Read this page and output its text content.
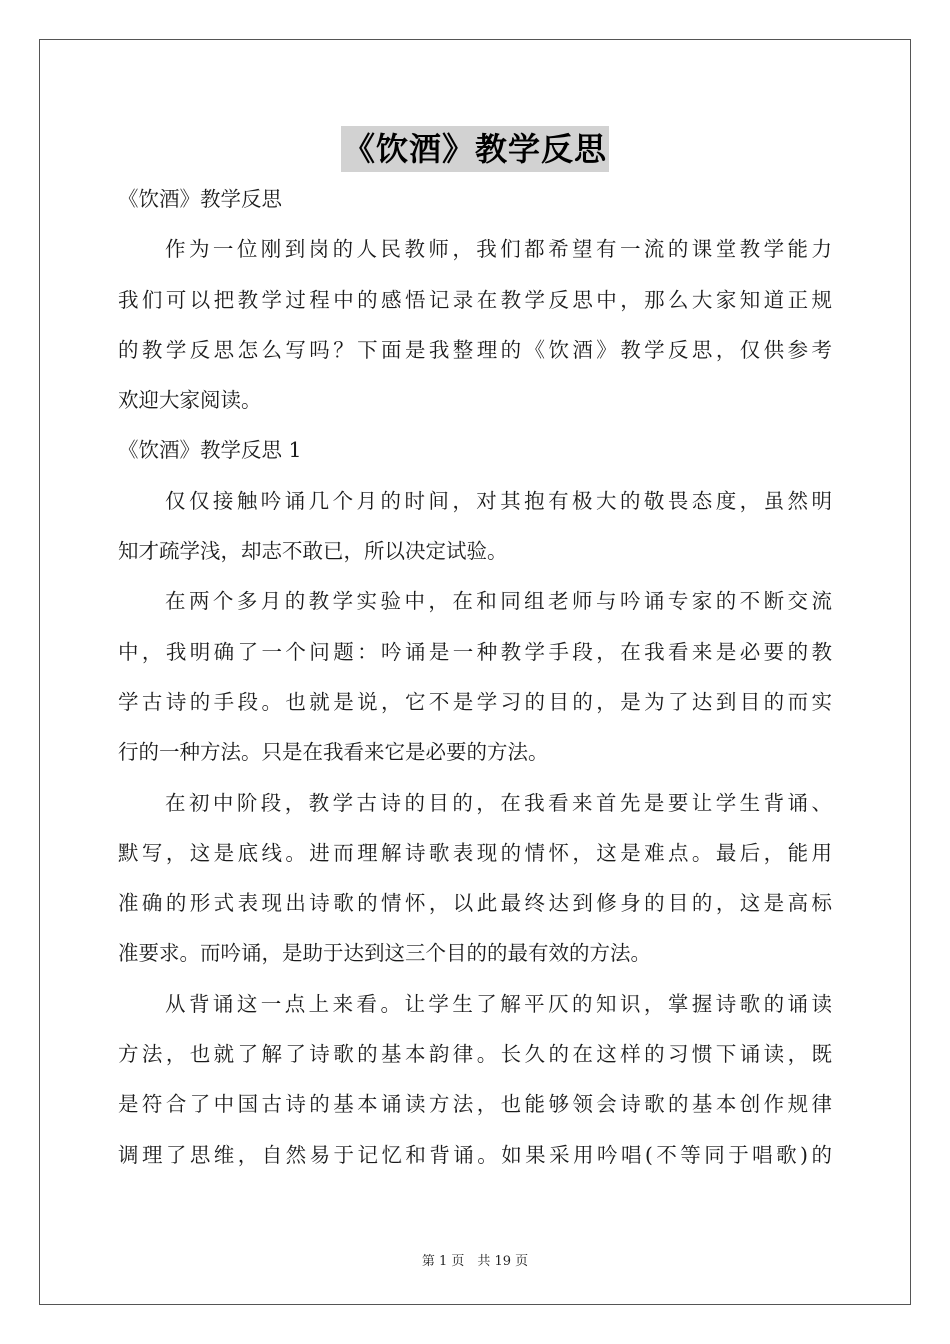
《饮酒》教学反思
《饮酒》教学反思
作为一位刚到岗的人民教师，我们都希望有一流的课堂教学能力
我们可以把教学过程中的感悟记录在教学反思中，那么大家知道正规
的教学反思怎么写吗？下面是我整理的《饮酒》教学反思，仅供参考
欢迎大家阅读。
《饮酒》教学反思 1
仅仅接触吟诵几个月的时间，对其抱有极大的敬畏态度，虽然明
知才疏学浅，却志不敢已，所以决定试验。
在两个多月的教学实验中，在和同组老师与吟诵专家的不断交流
中，我明确了一个问题：吟诵是一种教学手段，在我看来是必要的教
学古诗的手段。也就是说，它不是学习的目的，是为了达到目的而实
行的一种方法。只是在我看来它是必要的方法。
在初中阶段，教学古诗的目的，在我看来首先是要让学生背诵、
默写，这是底线。进而理解诗歌表现的情怀，这是难点。最后，能用
准确的形式表现出诗歌的情怀，以此最终达到修身的目的，这是高标
准要求。而吟诵，是助于达到这三个目的的最有效的方法。
从背诵这一点上来看。让学生了解平仄的知识，掌握诗歌的诵读
方法，也就了解了诗歌的基本韵律。长久的在这样的习惯下诵读，既
是符合了中国古诗的基本诵读方法，也能够领会诗歌的基本创作规律
调理了思维，自然易于记忆和背诵。如果采用吟唱(不等同于唱歌)的
第 1 页　共 19 页
